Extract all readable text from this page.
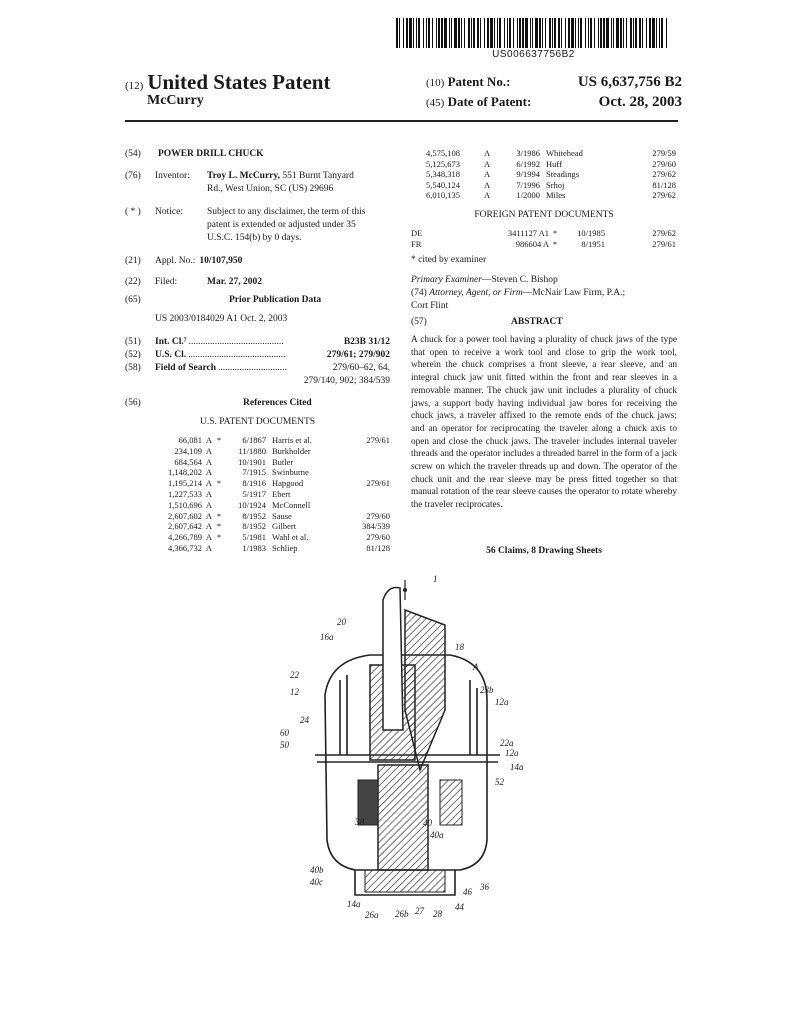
US006637756B2
(12) United States Patent
McCurry
(10) Patent No.:	US 6,637,756 B2
(45) Date of Patent:	Oct. 28, 2003
(54)	POWER DRILL CHUCK
(76)	Inventor:	Troy L. McCurry, 551 Burnt Tanyard
Rd., West Union, SC (US) 29696
( * )	Notice:	Subject to any disclaimer, the term of this
patent is extended or adjusted under 35
U.S.C. 154(b) by 0 days.
(21)	Appl. No.: 10/107,950
(22)	Filed:	Mar. 27, 2002
(65)	Prior Publication Data
US 2003/0184029 A1 Oct. 2, 2003
(51)	Int. Cl.⁷ ........................................	B23B 31/12
(52)	U.S. Cl. .........................................	279/61; 279/902
(58)	Field of Search .............................	279/60–62, 64,
279/140, 902; 384/539
(56)	References Cited
U.S. PATENT DOCUMENTS
66,081 A *	6/1867 Harris et al.	279/61
234,109 A	11/1880 Burkholder
684,564 A	10/1901 Butler
1,148,202 A	7/1915 Swinburne
1,195,214 A *	8/1916 Hapgood	279/61
1,227,533 A	5/1917 Ebert
1,510,696 A	10/1924 McConnell
2,607,602 A *	8/1952 Sause	279/60
2,607,642 A *	8/1952 Gilbert	384/539
4,266,789 A *	5/1981 Wahl et al.	279/60
4,366,732 A	1/1983 Schliep	81/128
4,575,108	A	3/1986 Whitehead	279/59
5,125,673	A	6/1992 Huff	279/60
5,348,318	A	9/1994 Steadings	279/62
5,540,124	A	7/1996 Srhoj	81/128
6,010,135	A	1/2000 Miles	279/62
FOREIGN PATENT DOCUMENTS
DE	3411127 A1 *	10/1985	279/62
FR	986604 A *	8/1951	279/61
* cited by examiner
Primary Examiner—Steven C. Bishop
(74) Attorney, Agent, or Firm—McNair Law Firm, P.A.;
Cort Flint
(57)	ABSTRACT
A chuck for a power tool having a plurality of chuck jaws of the type that open to receive a work tool and close to grip the work tool, wherein the chuck comprises a front sleeve, a rear sleeve, and an integral chuck jaw unit fitted within the front and rear sleeves in a removable manner. The chuck jaw unit includes a plurality of chuck jaws, a support body having individual jaw bores for receiving the chuck jaws, a traveler affixed to the remote ends of the chuck jaws; and an operator for reciprocating the traveler along a chuck axis to open and close the chuck jaws. The traveler includes internal traveler threads and the operator includes a threaded barrel in the form of a jack screw on which the traveler threads up and down. The operator of the chuck unit and the rear sleeve may be press fitted together so that manual rotation of the rear sleeve causes the operator to rotate whereby the traveler reciprocates.
56 Claims, 8 Drawing Sheets
1
20
16a
18
A
22
12	23b
12a
24
60
50	22a
12a
14a
52
38	40
40a
40b
40c
14a
26a 26b 27 28
44
46 36
